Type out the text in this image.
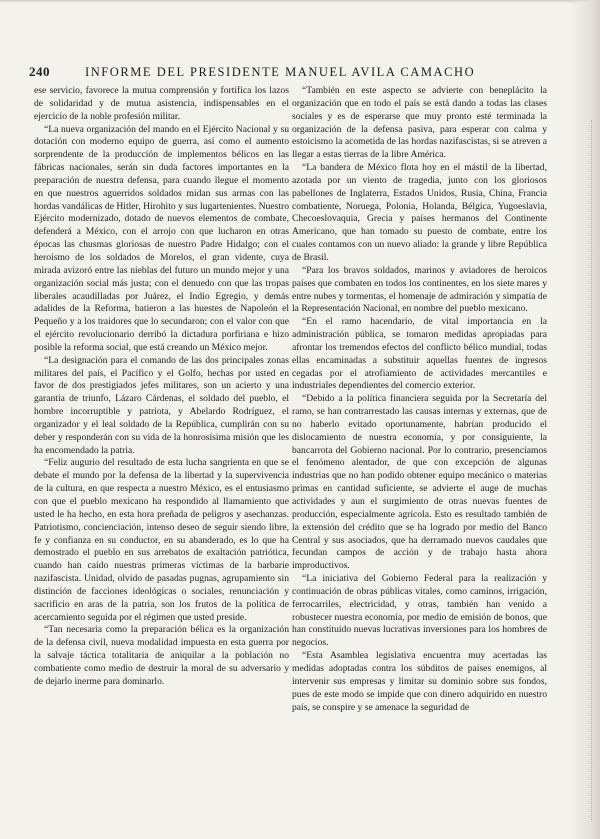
240	INFORME DEL PRESIDENTE MANUEL AVILA CAMACHO

ese servicio, favorece la mutua comprensión y fortifica los lazos de solidaridad y de mutua asistencia, indispensables en el ejercicio de la noble profesión militar.

“La nueva organización del mando en el Ejército Nacional y su dotación con moderno equipo de guerra, así como el aumento sorprendente de la producción de implementos bélicos en las fábricas nacionales, serán sin duda factores importantes en la preparación de nuestra defensa, para cuando llegue el momento en que nuestros aguerridos soldados midan sus armas con las hordas vandálicas de Hitler, Hirohito y sus lugartenientes. Nuestro Ejército modernizado, dotado de nuevos elementos de combate, defenderá a México, con el arrojo con que lucharon en otras épocas las chusmas gloriosas de nuestro Padre Hidalgo; con el heroísmo de los soldados de Morelos, el gran vidente, cuya mirada avizoró entre las nieblas del futuro un mundo mejor y una organización social más justa; con el denuedo con que las tropas liberales acaudilladas por Juárez, el Indio Egregio, y demás adalides de la Reforma, batieron a las huestes de Napoleón el Pequeño y a los traidores que lo secundaron; con el valor con que el ejército revolucionario derribó la dictadura porfiriana e hizo posible la reforma social, que está creando un México mejor.

“La designación para el comando de las dos principales zonas militares del país, el Pacífico y el Golfo, hechas por usted en favor de dos prestigiados jefes militares, son un acierto y una garantía de triunfo, Lázaro Cárdenas, el soldado del pueblo, el hombre incorruptible y patriota, y Abelardo Rodríguez, el organizador y el leal soldado de la República, cumplirán con su deber y responderán con su vida de la honrosísima misión que les ha encomendado la patria.

“Feliz augurio del resultado de esta lucha sangrienta en que se debate el mundo por la defensa de la libertad y la supervivencia de la cultura, en que respecta a nuestro México, es el entusiasmo con que el pueblo mexicano ha respondido al llamamiento que usted le ha hecho, en esta hora preñada de peligros y asechanzas. Patriotismo, concienciación, intenso deseo de seguir siendo libre, fe y confianza en su conductor, en su abanderado, es lo que ha demostrado el pueblo en sus arrebatos de exaltación patriótica, cuando han caído nuestras primeras víctimas de la barbarie nazifascista. Unidad, olvido de pasadas pugnas, agrupamiento sin distinción de facciones ideológicas o sociales, renunciación y sacrificio en aras de la patria, son los frutos de la política de acercamiento seguida por el régimen que usted preside.

“Tan necesaria como la preparación bélica es la organización de la defensa civil, nueva modalidad impuesta en esta guerra por la salvaje táctica totalitaria de aniquilar a la población no combatiente como medio de destruir la moral de su adversario y de dejarlo inerme para dominarlo.

“También en este aspecto se advierte con beneplácito la organización que en todo el país se está dando a todas las clases sociales y es de esperarse que muy pronto esté terminada la organización de la defensa pasiva, para esperar con calma y estoicismo la acometida de las hordas nazifascistas, si se atreven a llegar a estas tierras de la libre América.

“La bandera de México flota hoy en el mástil de la libertad, azotada por un viento de tragedia, junto con los gloriosos pabellones de Inglaterra, Estados Unidos, Rusia, China, Francia combatiente, Noruega, Polonia, Holanda, Bélgica, Yugoeslavia, Checoeslovaquia, Grecia y países hermanos del Continente Americano, que han tomado su puesto de combate, entre los cuales contamos con un nuevo aliado: la grande y libre República de Brasil.

“Para los bravos soldados, marinos y aviadores de heroicos países que combaten en todos los continentes, en los siete mares y entre nubes y tormentas, el homenaje de admiración y simpatía de la Representación Nacional, en nombre del pueblo mexicano.

“En el ramo hacendario, de vital importancia en la administración pública, se tomaron medidas apropiadas para afrontar los tremendos efectos del conflicto bélico mundial, todas ellas encaminadas a substituir aquellas fuentes de ingresos cegadas por el atrofiamiento de actividades mercantiles e industriales dependientes del comercio exterior.

“Debido a la política financiera seguida por la Secretaría del ramo, se han contrarrestado las causas internas y externas, que de no haberlo evitado oportunamente, habrían producido el dislocamiento de nuestra economía, y por consiguiente, la bancarrota del Gobierno nacional. Por lo contrario, presenciamos el fenómeno alentador, de que con excepción de algunas industrias que no han podido obtener equipo mecánico o materias primas en cantidad suficiente, se advierte el auge de muchas actividades y aun el surgimiento de otras nuevas fuentes de producción, especialmente agrícola. Esto es resultado también de la extensión del crédito que se ha logrado por medio del Banco Central y sus asociados, que ha derramado nuevos caudales que fecundan campos de acción y de trabajo hasta ahora improductivos.

“La iniciativa del Gobierno Federal para la realización y continuación de obras públicas vitales, como caminos, irrigación, ferrocarriles, electricidad, y otras, también han venido a robustecer nuestra economía, por medio de emisión de bonos, que han constituido nuevas lucrativas inversiones para los hombres de negocios.

“Esta Asamblea legislativa encuentra muy acertadas las medidas adoptadas contra los súbditos de países enemigos, al intervenir sus empresas y limitar su dominio sobre sus fondos, pues de este modo se impide que con dinero adquirido en nuestro país, se conspire y se amenace la seguridad de
